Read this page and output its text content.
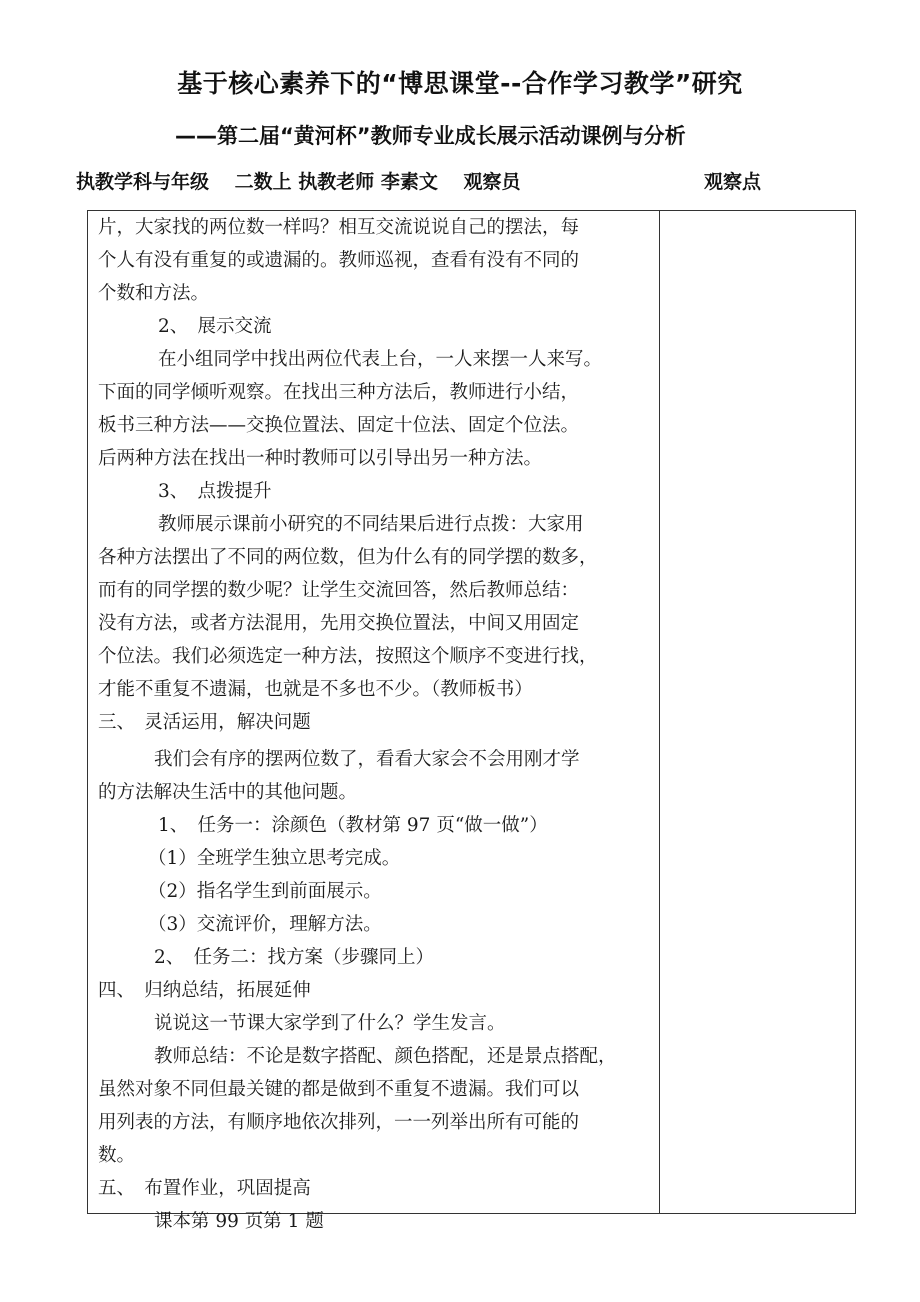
基于核心素养下的“博思课堂--合作学习教学”研究
——第二届“黄河杯”教师专业成长展示活动课例与分析
执教学科与年级　 二数上 执教老师 李素文　 观察员	观察点

片，大家找的两位数一样吗？相互交流说说自己的摆法，每

个人有没有重复的或遗漏的。教师巡视，查看有没有不同的

个数和方法。

2、　展示交流

在小组同学中找出两位代表上台，一人来摆一人来写。

下面的同学倾听观察。在找出三种方法后，教师进行小结，

板书三种方法——交换位置法、固定十位法、固定个位法。

后两种方法在找出一种时教师可以引导出另一种方法。

3、　点拨提升

教师展示课前小研究的不同结果后进行点拨：大家用

各种方法摆出了不同的两位数，但为什么有的同学摆的数多，

而有的同学摆的数少呢？让学生交流回答，然后教师总结：

没有方法，或者方法混用，先用交换位置法，中间又用固定

个位法。我们必须选定一种方法，按照这个顺序不变进行找，

才能不重复不遗漏，也就是不多也不少。（教师板书）

三、　灵活运用，解决问题

我们会有序的摆两位数了，看看大家会不会用刚才学

的方法解决生活中的其他问题。

1、　任务一：涂颜色（教材第 97 页“做一做”）

（1）全班学生独立思考完成。

（2）指名学生到前面展示。

（3）交流评价，理解方法。

2、　任务二：找方案（步骤同上）

四、　归纳总结，拓展延伸

说说这一节课大家学到了什么？学生发言。

教师总结：不论是数字搭配、颜色搭配，还是景点搭配，

虽然对象不同但最关键的都是做到不重复不遗漏。我们可以

用列表的方法，有顺序地依次排列，一一列举出所有可能的

数。

五、　布置作业，巩固提高

课本第 99 页第 1 题
